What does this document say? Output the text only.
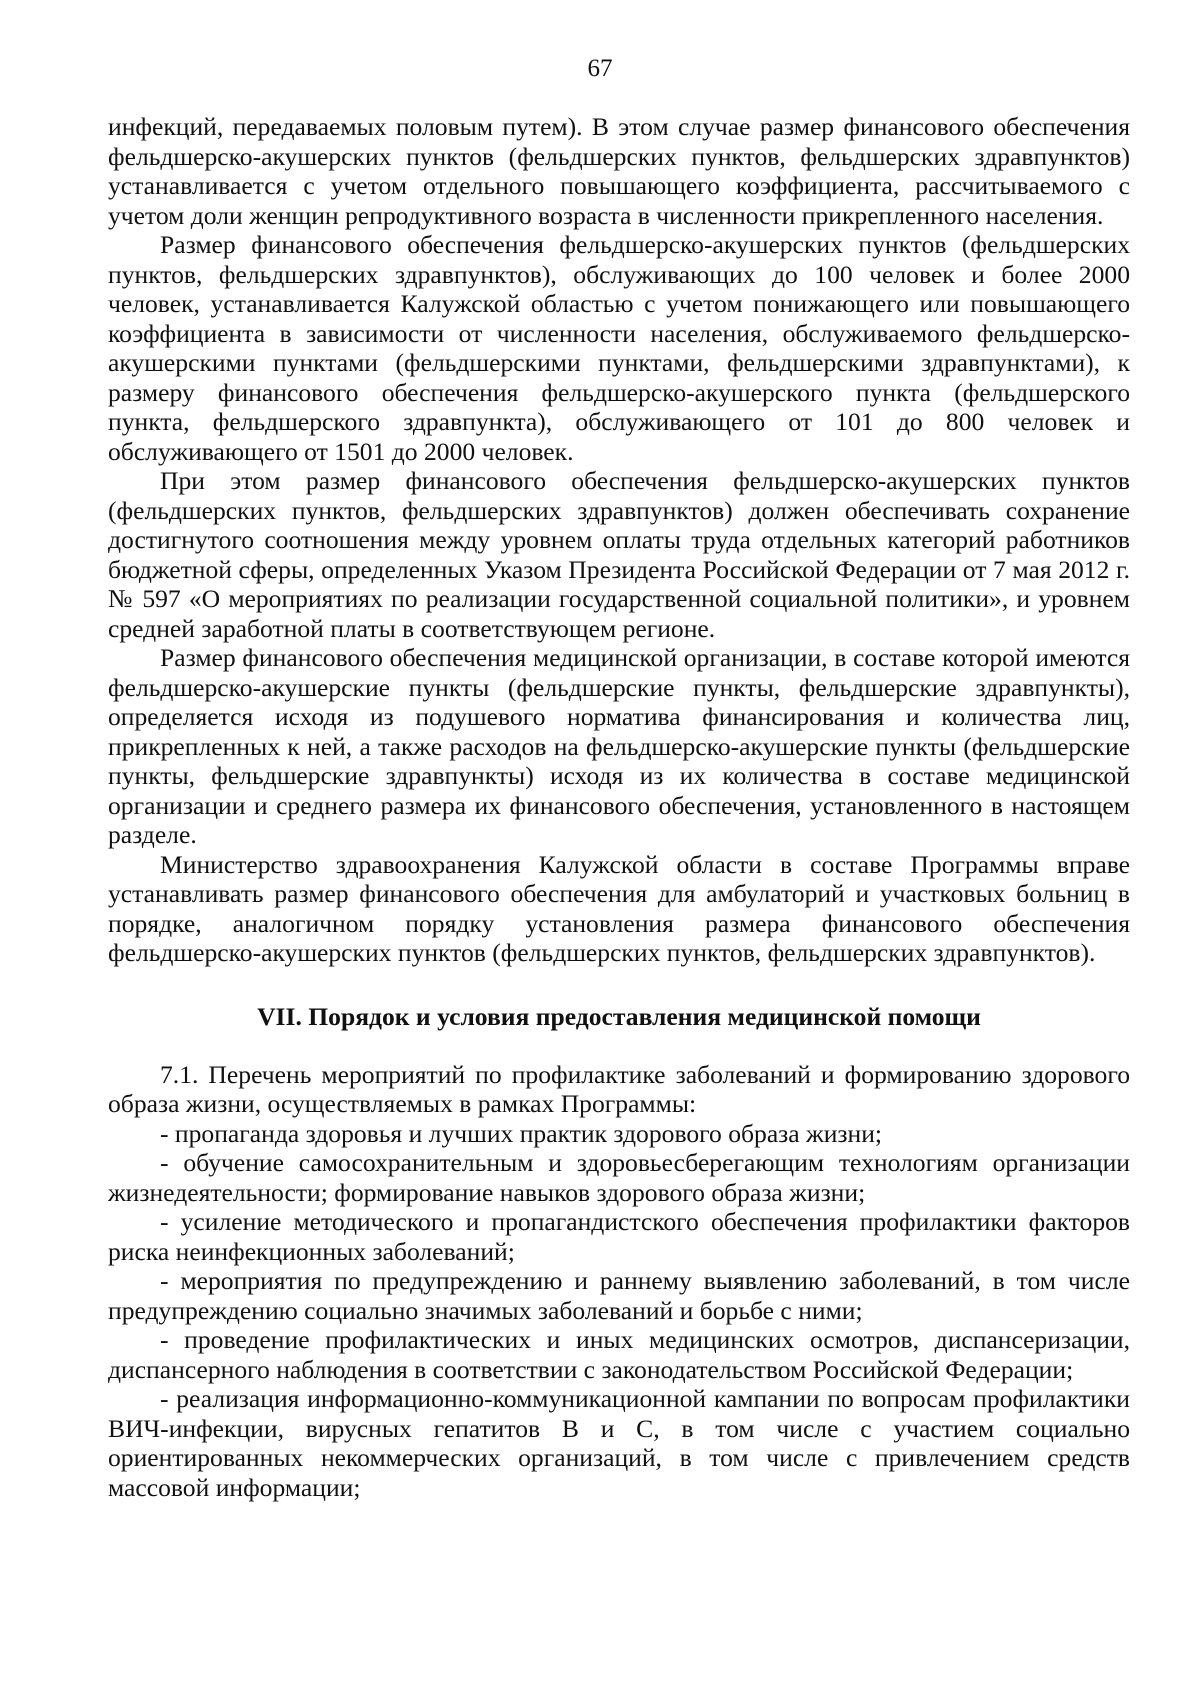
67

инфекций, передаваемых половым путем). В этом случае размер финансового обеспечения фельдшерско-акушерских пунктов (фельдшерских пунктов, фельдшерских здравпунктов) устанавливается с учетом отдельного повышающего коэффициента, рассчитываемого с учетом доли женщин репродуктивного возраста в численности прикрепленного населения.

Размер финансового обеспечения фельдшерско-акушерских пунктов (фельдшерских пунктов, фельдшерских здравпунктов), обслуживающих до 100 человек и более 2000 человек, устанавливается Калужской областью с учетом понижающего или повышающего коэффициента в зависимости от численности населения, обслуживаемого фельдшерско-акушерскими пунктами (фельдшерскими пунктами, фельдшерскими здравпунктами), к размеру финансового обеспечения фельдшерско-акушерского пункта (фельдшерского пункта, фельдшерского здравпункта), обслуживающего от 101 до 800 человек и обслуживающего от 1501 до 2000 человек.

При этом размер финансового обеспечения фельдшерско-акушерских пунктов (фельдшерских пунктов, фельдшерских здравпунктов) должен обеспечивать сохранение достигнутого соотношения между уровнем оплаты труда отдельных категорий работников бюджетной сферы, определенных Указом Президента Российской Федерации от 7 мая 2012 г. № 597 «О мероприятиях по реализации государственной социальной политики», и уровнем средней заработной платы в соответствующем регионе.

Размер финансового обеспечения медицинской организации, в составе которой имеются фельдшерско-акушерские пункты (фельдшерские пункты, фельдшерские здравпункты), определяется исходя из подушевого норматива финансирования и количества лиц, прикрепленных к ней, а также расходов на фельдшерско-акушерские пункты (фельдшерские пункты, фельдшерские здравпункты) исходя из их количества в составе медицинской организации и среднего размера их финансового обеспечения, установленного в настоящем разделе.

Министерство здравоохранения Калужской области в составе Программы вправе устанавливать размер финансового обеспечения для амбулаторий и участковых больниц в порядке, аналогичном порядку установления размера финансового обеспечения фельдшерско-акушерских пунктов (фельдшерских пунктов, фельдшерских здравпунктов).

VII. Порядок и условия предоставления медицинской помощи

7.1. Перечень мероприятий по профилактике заболеваний и формированию здорового образа жизни, осуществляемых в рамках Программы:

- пропаганда здоровья и лучших практик здорового образа жизни;
- обучение самосохранительным и здоровьесберегающим технологиям организации жизнедеятельности; формирование навыков здорового образа жизни;
- усиление методического и пропагандистского обеспечения профилактики факторов риска неинфекционных заболеваний;
- мероприятия по предупреждению и раннему выявлению заболеваний, в том числе предупреждению социально значимых заболеваний и борьбе с ними;
- проведение профилактических и иных медицинских осмотров, диспансеризации, диспансерного наблюдения в соответствии с законодательством Российской Федерации;
- реализация информационно-коммуникационной кампании по вопросам профилактики ВИЧ-инфекции, вирусных гепатитов В и С, в том числе с участием социально ориентированных некоммерческих организаций, в том числе с привлечением средств массовой информации;
